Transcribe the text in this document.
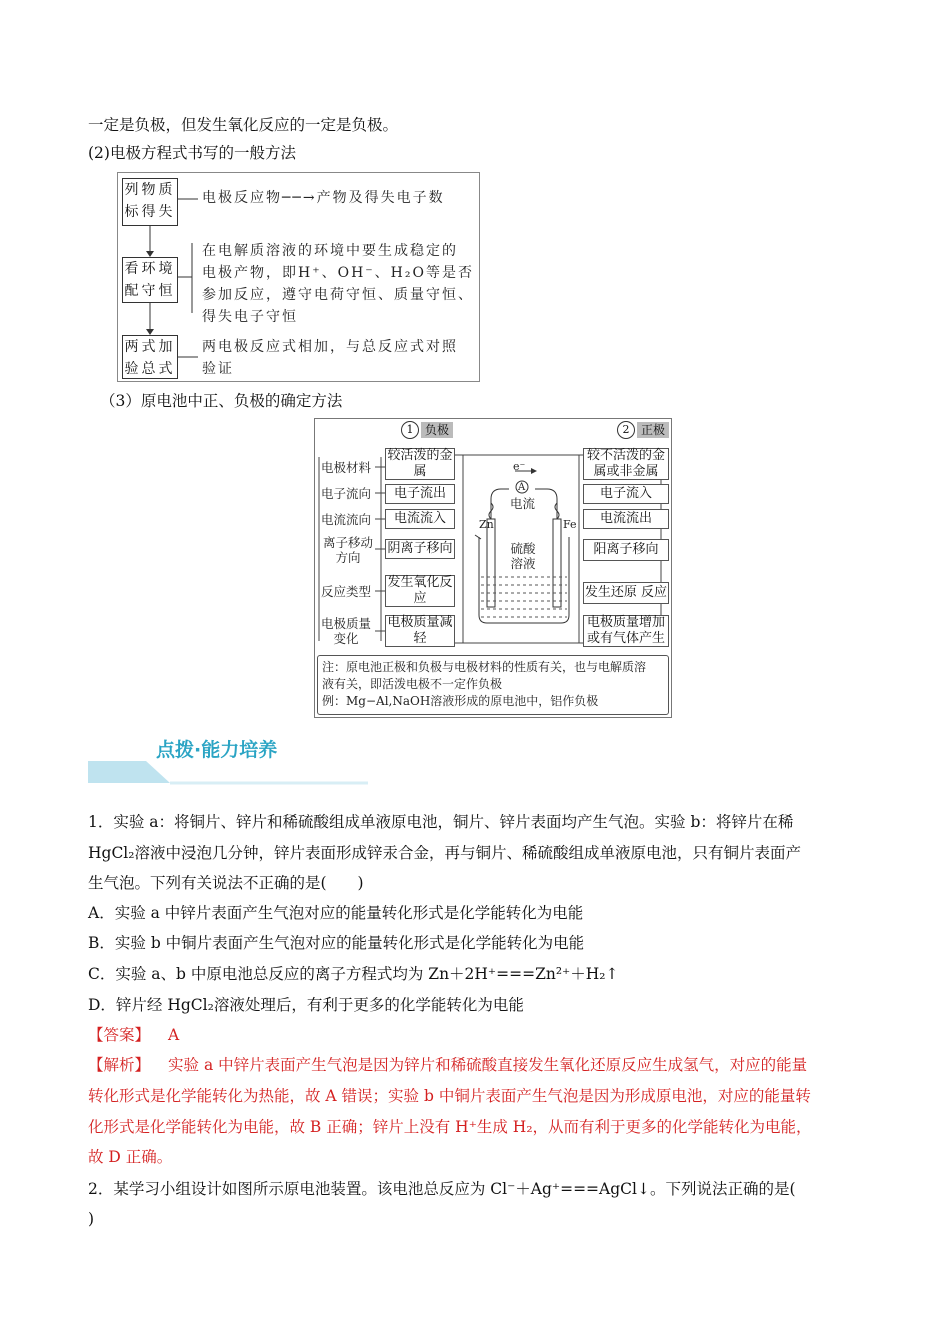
一定是负极，但发生氧化反应的一定是负极。
(2)电极方程式书写的一般方法
列物质标得失
电极反应物──→产物及得失电子数
看环境配守恒
在电解质溶液的环境中要生成稳定的
电极产物，即H⁺、OH⁻、H₂O等是否
参加反应，遵守电荷守恒、质量守恒、
得失电子守恒
两式加验总式
两电极反应式相加，与总反应式对照
验证
（3）原电池中正、负极的确定方法
1 负极	2 正极
电极材料
电子流向
电流流向
离子移动方向
反应类型
电极质量变化
较活泼的金属
电子流出
电流流入
阴离子移向
发生氧化反应
电极质量减轻
较不活泼的金属或非金属
电子流入
电流流出
阳离子移向
发生还原 反应
电极质量增加或有气体产生
e⁻
A
电流
Zn	Fe
硫酸溶液
注：原电池正极和负极与电极材料的性质有关，也与电解质溶
液有关，即活泼电极不一定作负极
例：Mg−Al,NaOH溶液形成的原电池中，铝作负极
点拨·能力培养
1．实验 a：将铜片、锌片和稀硫酸组成单液原电池，铜片、锌片表面均产生气泡。实验 b：将锌片在稀
HgCl₂溶液中浸泡几分钟，锌片表面形成锌汞合金，再与铜片、稀硫酸组成单液原电池，只有铜片表面产
生气泡。下列有关说法不正确的是(　　)
A．实验 a 中锌片表面产生气泡对应的能量转化形式是化学能转化为电能
B．实验 b 中铜片表面产生气泡对应的能量转化形式是化学能转化为电能
C．实验 a、b 中原电池总反应的离子方程式均为 Zn＋2H⁺===Zn²⁺＋H₂↑
D．锌片经 HgCl₂溶液处理后，有利于更多的化学能转化为电能
【答案】 A
【解析】 实验 a 中锌片表面产生气泡是因为锌片和稀硫酸直接发生氧化还原反应生成氢气，对应的能量
转化形式是化学能转化为热能，故 A 错误；实验 b 中铜片表面产生气泡是因为形成原电池，对应的能量转
化形式是化学能转化为电能，故 B 正确；锌片上没有 H⁺生成 H₂，从而有利于更多的化学能转化为电能，
故 D 正确。
2．某学习小组设计如图所示原电池装置。该电池总反应为 Cl⁻＋Ag⁺===AgCl↓。下列说法正确的是(
)
